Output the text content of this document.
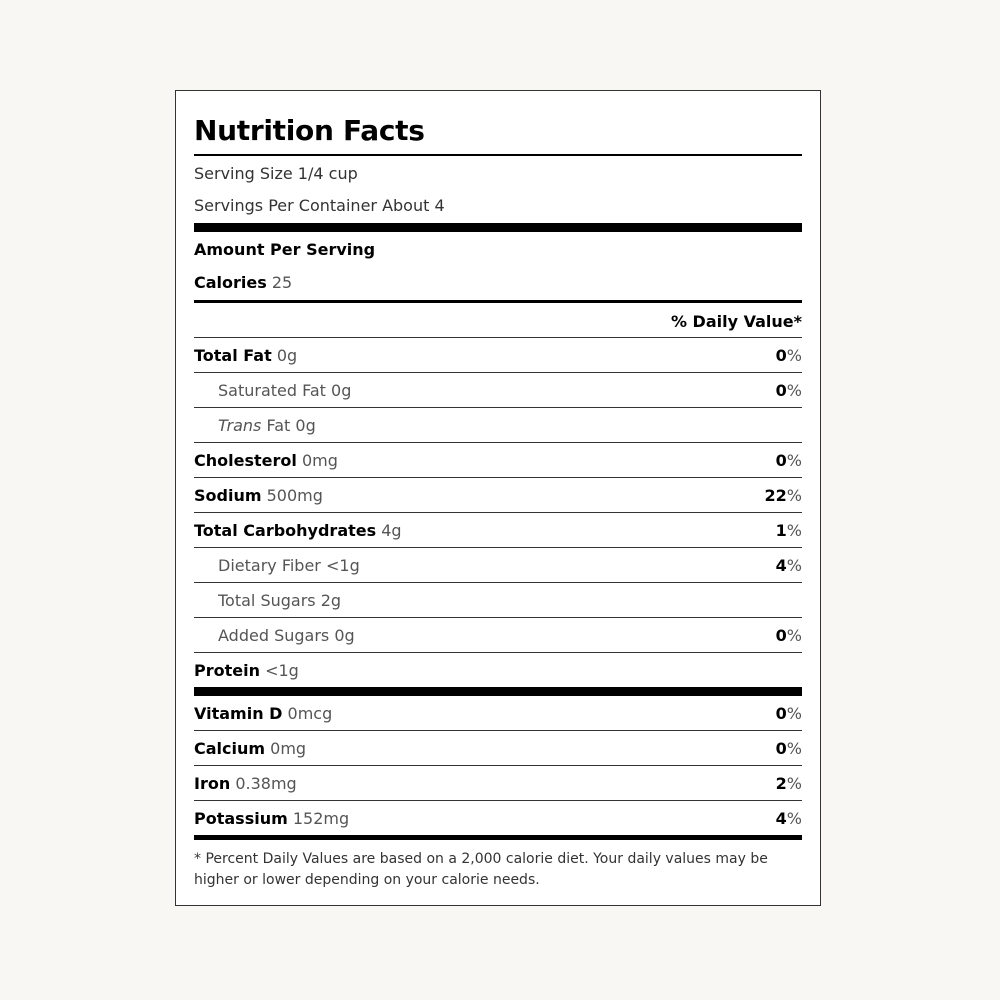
Nutrition Facts
Serving Size 1/4 cup
Servings Per Container About 4
Amount Per Serving
Calories 25
% Daily Value*
Total Fat 0g	0%
Saturated Fat 0g	0%
Trans Fat 0g
Cholesterol 0mg	0%
Sodium 500mg	22%
Total Carbohydrates 4g	1%
Dietary Fiber <1g	4%
Total Sugars 2g
Added Sugars 0g	0%
Protein <1g
Vitamin D 0mcg	0%
Calcium 0mg	0%
Iron 0.38mg	2%
Potassium 152mg	4%
* Percent Daily Values are based on a 2,000 calorie diet. Your daily values may be higher or lower depending on your calorie needs.
